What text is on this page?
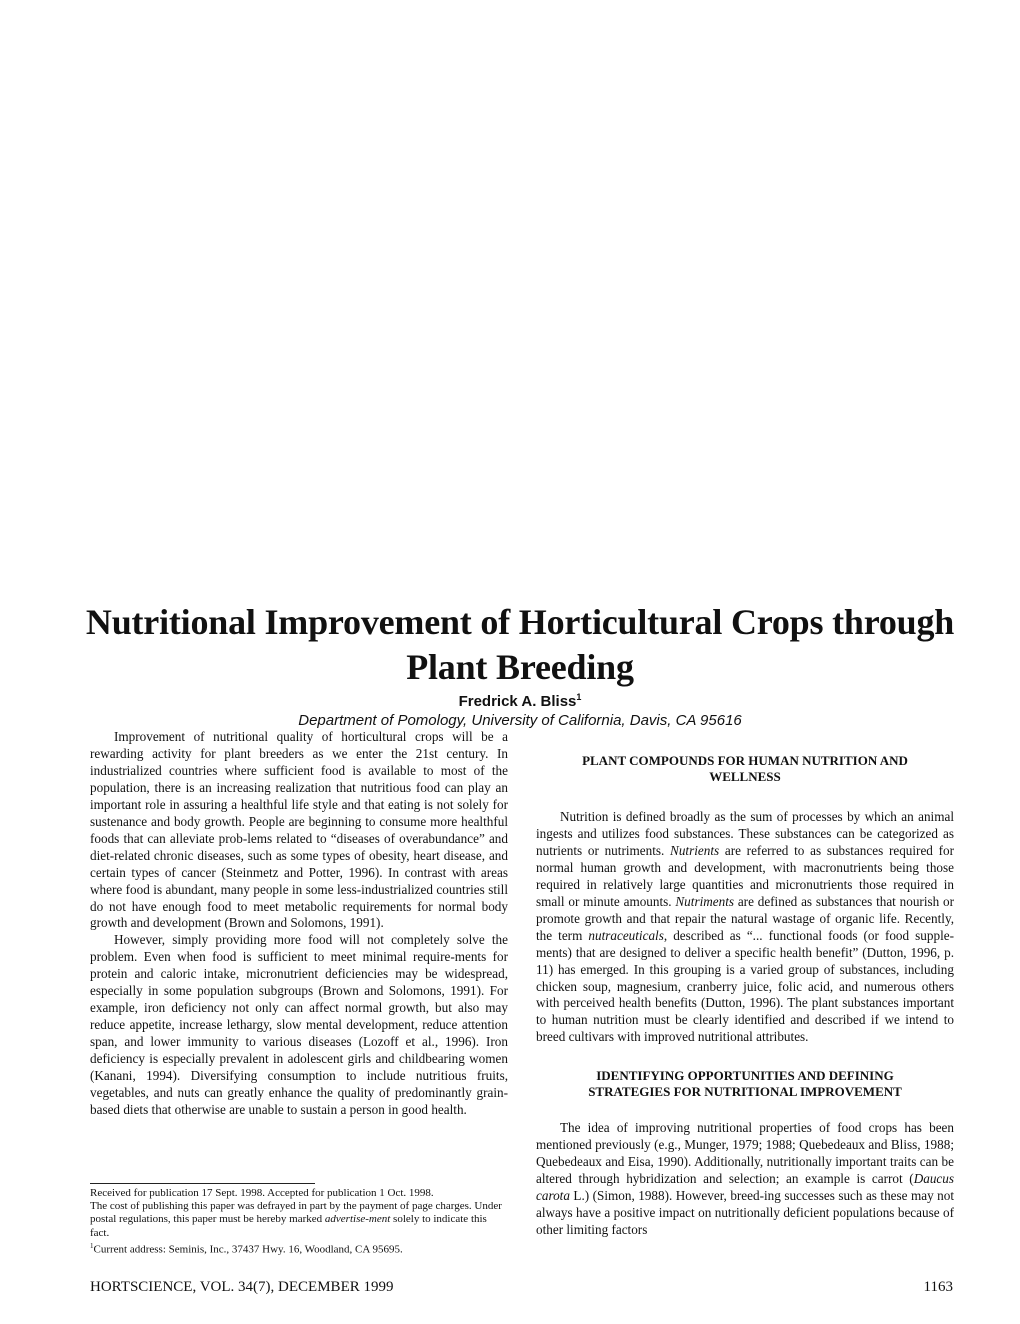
Nutritional Improvement of Horticultural Crops through Plant Breeding
Fredrick A. Bliss$^1$
Department of Pomology, University of California, Davis, CA 95616

Improvement of nutritional quality of horticultural crops will be a rewarding activity for plant breeders as we enter the 21st century. In industrialized countries where sufficient food is available to most of the population, there is an increasing realization that nutritious food can play an important role in assuring a healthful life style and that eating is not solely for sustenance and body growth. People are beginning to consume more healthful foods that can alleviate prob-lems related to “diseases of overabundance” and diet-related chronic diseases, such as some types of obesity, heart disease, and certain types of cancer (Steinmetz and Potter, 1996). In contrast with areas where food is abundant, many people in some less-industrialized countries still do not have enough food to meet metabolic requirements for normal body growth and development (Brown and Solomons, 1991).

However, simply providing more food will not completely solve the problem. Even when food is sufficient to meet minimal require-ments for protein and caloric intake, micronutrient deficiencies may be widespread, especially in some population subgroups (Brown and Solomons, 1991). For example, iron deficiency not only can affect normal growth, but also may reduce appetite, increase lethargy, slow mental development, reduce attention span, and lower immunity to various diseases (Lozoff et al., 1996). Iron deficiency is especially prevalent in adolescent girls and childbearing women (Kanani, 1994). Diversifying consumption to include nutritious fruits, vegetables, and nuts can greatly enhance the quality of predominantly grain-based diets that otherwise are unable to sustain a person in good health.

Received for publication 17 Sept. 1998. Accepted for publication 1 Oct. 1998.
The cost of publishing this paper was defrayed in part by the payment of page charges. Under postal regulations, this paper must be hereby marked advertise-ment solely to indicate this fact.
$^1$Current address: Seminis, Inc., 37437 Hwy. 16, Woodland, CA 95695.
PLANT COMPOUNDS FOR HUMAN NUTRITION AND WELLNESS

Nutrition is defined broadly as the sum of processes by which an animal ingests and utilizes food substances. These substances can be categorized as nutrients or nutriments. Nutrients are referred to as substances required for normal human growth and development, with macronutrients being those required in relatively large quantities and micronutrients those required in small or minute amounts. Nutriments are defined as substances that nourish or promote growth and that repair the natural wastage of organic life. Recently, the term nutraceuticals, described as “... functional foods (or food supple-ments) that are designed to deliver a specific health benefit” (Dutton, 1996, p. 11) has emerged. In this grouping is a varied group of substances, including chicken soup, magnesium, cranberry juice, folic acid, and numerous others with perceived health benefits (Dutton, 1996). The plant substances important to human nutrition must be clearly identified and described if we intend to breed cultivars with improved nutritional attributes.

IDENTIFYING OPPORTUNITIES AND DEFINING STRATEGIES FOR NUTRITIONAL IMPROVEMENT

The idea of improving nutritional properties of food crops has been mentioned previously (e.g., Munger, 1979; 1988; Quebedeaux and Bliss, 1988; Quebedeaux and Eisa, 1990). Additionally, nutritionally important traits can be altered through hybridization and selection; an example is carrot (Daucus carota L.) (Simon, 1988). However, breed-ing successes such as these may not always have a positive impact on nutritionally deficient populations because of other limiting factors

HORTSCIENCE, VOL. 34(7), DECEMBER 1999	1163
